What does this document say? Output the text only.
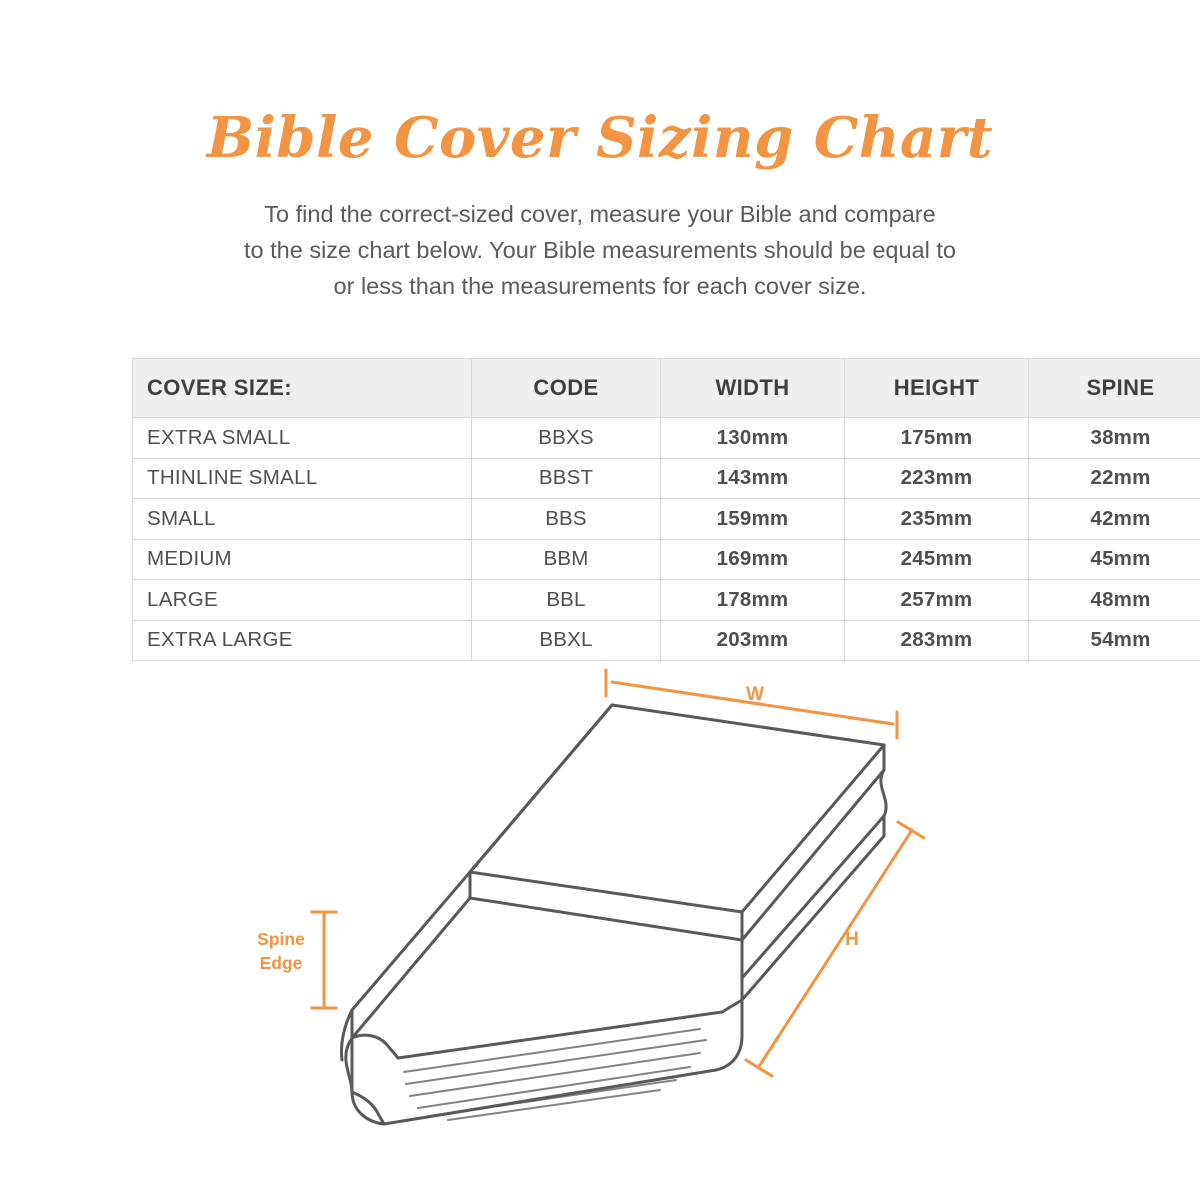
Bible Cover Sizing Chart
To find the correct-sized cover, measure your Bible and compare
to the size chart below. Your Bible measurements should be equal to
or less than the measurements for each cover size.
COVER SIZE:	CODE	WIDTH	HEIGHT	SPINE
EXTRA SMALL	BBXS	130mm	175mm	38mm
THINLINE SMALL	BBST	143mm	223mm	22mm
SMALL	BBS	159mm	235mm	42mm
MEDIUM	BBM	169mm	245mm	45mm
LARGE	BBL	178mm	257mm	48mm
EXTRA LARGE	BBXL	203mm	283mm	54mm
W
H
Spine
Edge
